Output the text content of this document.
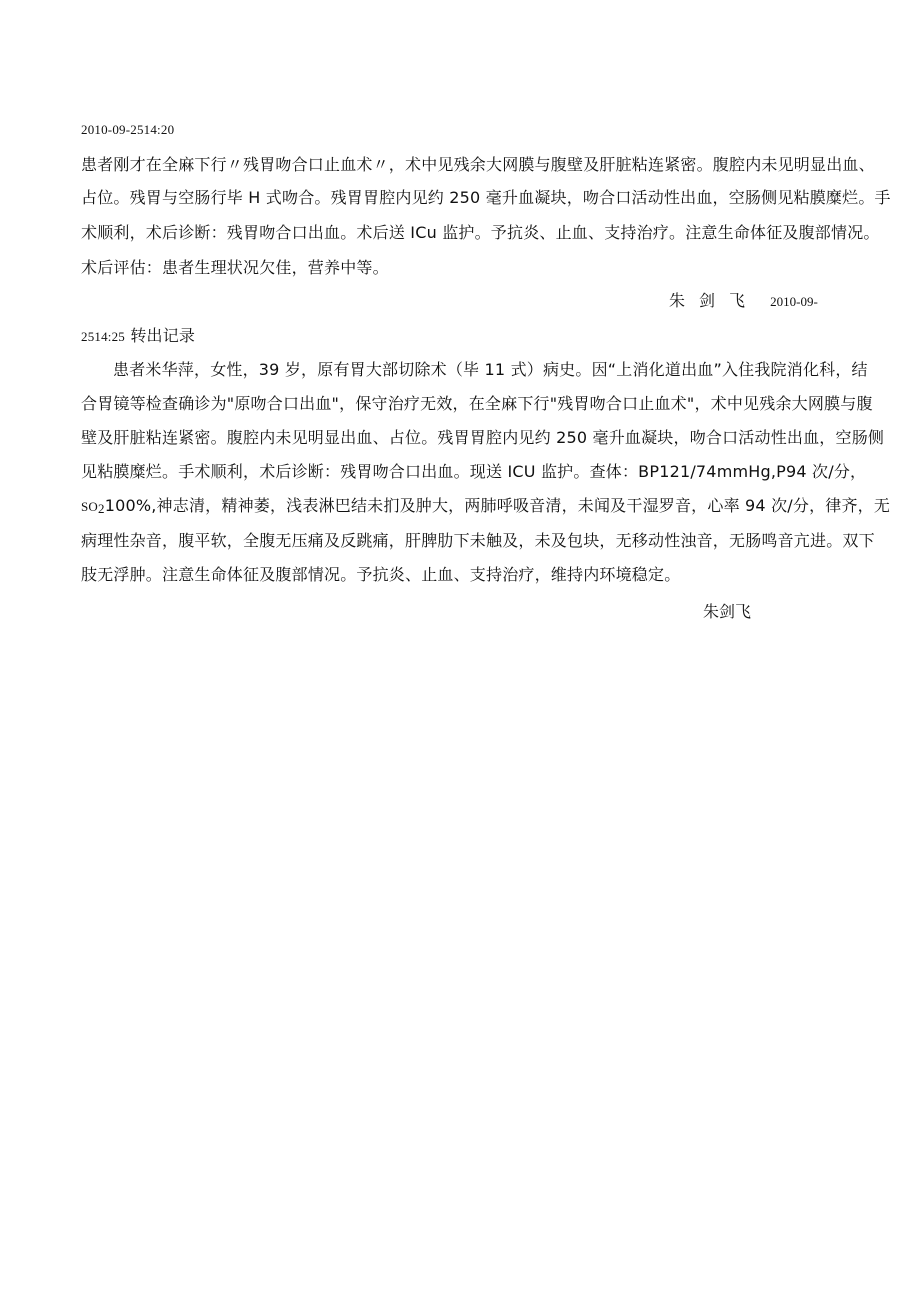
2010-09-2514:20
患者刚才在全麻下行〃残胃吻合口止血术〃，术中见残余大网膜与腹壁及肝脏粘连紧密。腹腔内未见明显出血、
占位。残胃与空肠行毕 H 式吻合。残胃胃腔内见约 250 毫升血凝块，吻合口活动性出血，空肠侧见粘膜糜烂。手
术顺利，术后诊断：残胃吻合口出血。术后送 ICu 监护。予抗炎、止血、支持治疗。注意生命体征及腹部情况。
术后评估：患者生理状况欠佳，营养中等。
朱剑飞 2010-09-
2514:25 转出记录
患者米华萍，女性，39 岁，原有胃大部切除术（毕 11 式）病史。因“上消化道出血”入住我院消化科，结
合胃镜等检查确诊为"原吻合口出血"，保守治疗无效，在全麻下行"残胃吻合口止血术"，术中见残余大网膜与腹
壁及肝脏粘连紧密。腹腔内未见明显出血、占位。残胃胃腔内见约 250 毫升血凝块，吻合口活动性出血，空肠侧
见粘膜糜烂。手术顺利，术后诊断：残胃吻合口出血。现送 ICU 监护。查体：BP121/74mmHg,P94 次/分，
$SO_2100\%$,神志清，精神萎，浅表淋巴结未扪及肿大，两肺呼吸音清，未闻及干湿罗音，心率 94 次/分，律齐，无
病理性杂音，腹平软，全腹无压痛及反跳痛，肝脾肋下未触及，未及包块，无移动性浊音，无肠鸣音亢进。双下
肢无浮肿。注意生命体征及腹部情况。予抗炎、止血、支持治疗，维持内环境稳定。
朱剑飞
